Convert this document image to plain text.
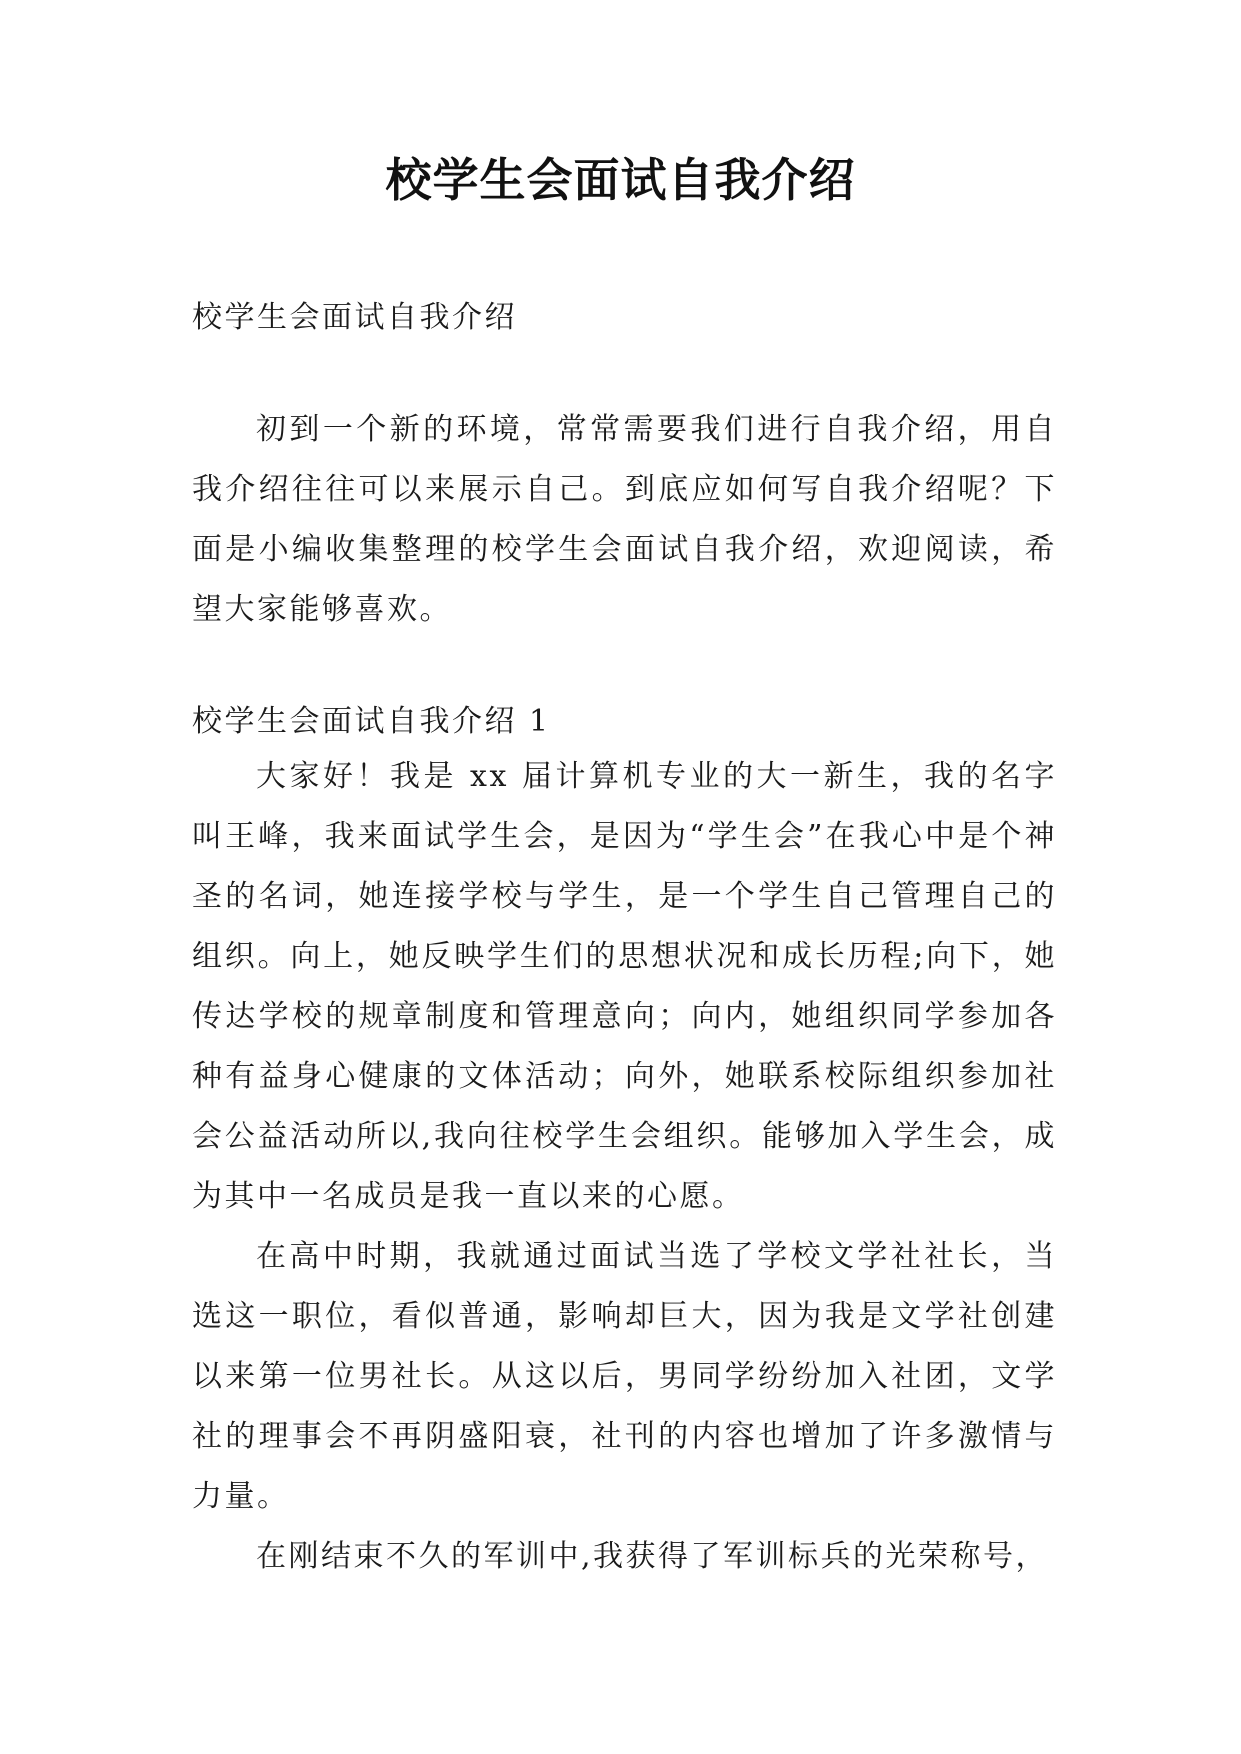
校学生会面试自我介绍
校学生会面试自我介绍
初到一个新的环境，常常需要我们进行自我介绍，用自我介绍往往可以来展示自己。到底应如何写自我介绍呢？下面是小编收集整理的校学生会面试自我介绍，欢迎阅读，希望大家能够喜欢。
校学生会面试自我介绍 1

大家好！我是 xx 届计算机专业的大一新生，我的名字叫王峰，我来面试学生会，是因为“学生会”在我心中是个神圣的名词，她连接学校与学生，是一个学生自己管理自己的组织。向上，她反映学生们的思想状况和成长历程;向下，她传达学校的规章制度和管理意向；向内，她组织同学参加各种有益身心健康的文体活动；向外，她联系校际组织参加社会公益活动所以,我向往校学生会组织。能够加入学生会，成为其中一名成员是我一直以来的心愿。

在高中时期，我就通过面试当选了学校文学社社长，当选这一职位，看似普通，影响却巨大，因为我是文学社创建以来第一位男社长。从这以后，男同学纷纷加入社团，文学社的理事会不再阴盛阳衰，社刊的内容也增加了许多激情与力量。

在刚结束不久的军训中,我获得了军训标兵的光荣称号，
